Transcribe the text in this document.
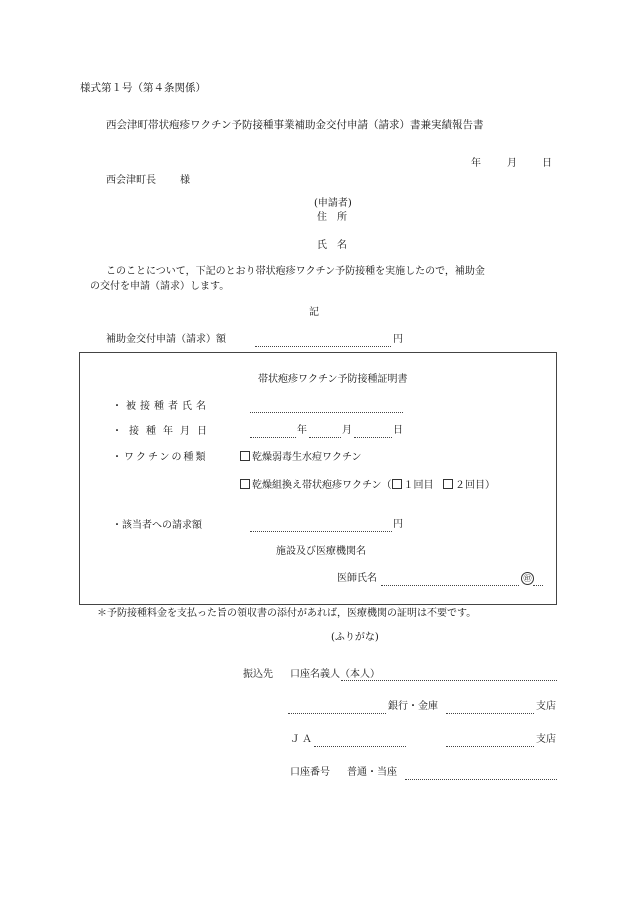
様式第１号（第４条関係）
西会津町帯状疱疹ワクチン予防接種事業補助金交付申請（請求）書兼実績報告書
年	月	日
西会津町長 様
(申請者)
住　所
氏　名
このことについて，下記のとおり帯状疱疹ワクチン予防接種を実施したので，補助金
の交付を申請（請求）します。
記
補助金交付申請（請求）額	円
帯状疱疹ワクチン予防接種証明書
・被接種者氏名
・接種年月日	年	月	日
・ワクチンの種類	乾燥弱毒生水痘ワクチン
乾燥組換え帯状疱疹ワクチン（ １回目 ２回目）
・該当者への請求額	円
施設及び医療機関名
医師氏名	㊞
＊予防接種料金を支払った旨の領収書の添付があれば，医療機関の証明は不要です。
(ふりがな)
振込先 口座名義人（本人）
銀行・金庫	支店
ＪＡ	支店
口座番号 普通・当座
